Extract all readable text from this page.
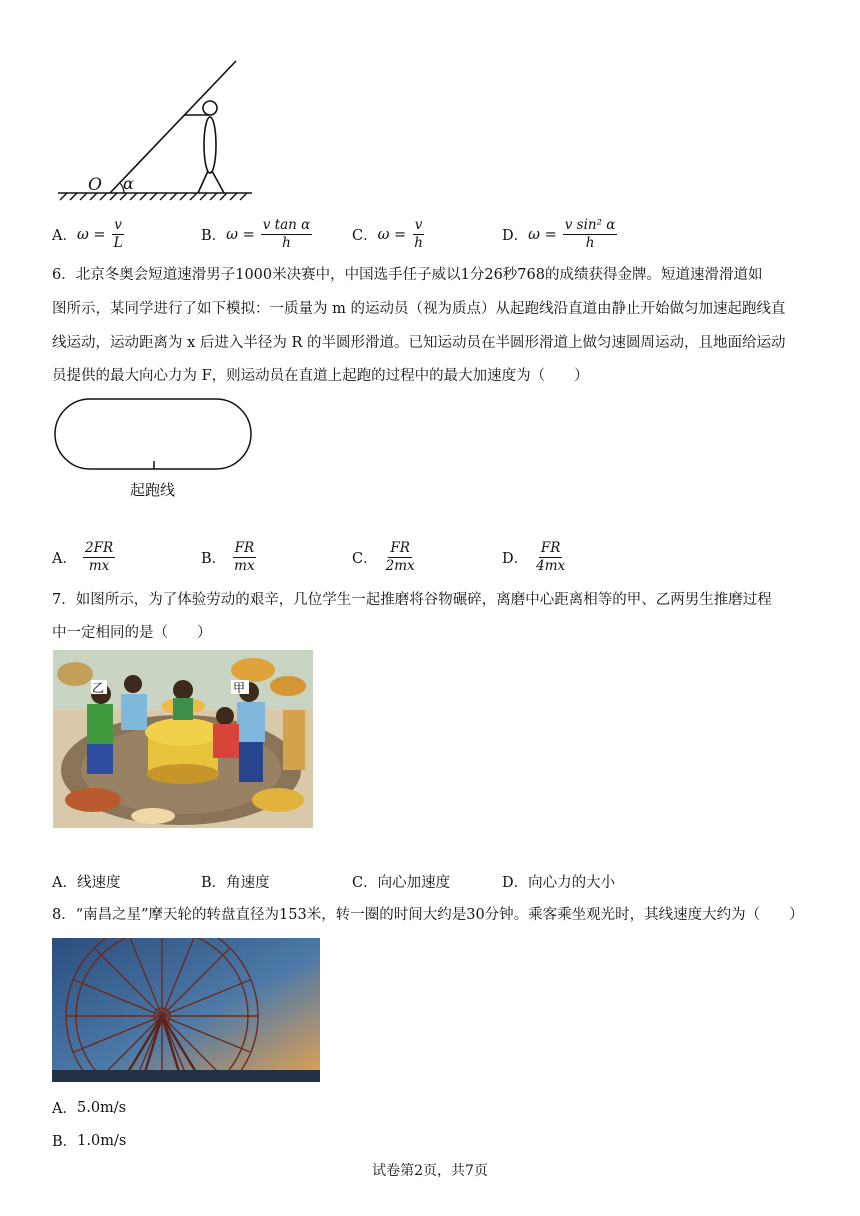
O α
A． $\omega = \frac{v}{L}$	B． $\omega = \frac{\text{v tan α}}{h}$	C． $\omega = \frac{v}{h}$	D． $\omega = \frac{\text{v sin² α}}{h}$
6．北京冬奥会短道速滑男子1000米决赛中，中国选手任子威以1分26秒768的成绩获得金牌。短道速滑滑道如
图所示，某同学进行了如下模拟：一质量为 m 的运动员（视为质点）从起跑线沿直道由静止开始做匀加速起跑线直
线运动，运动距离为 x 后进入半径为 R 的半圆形滑道。已知运动员在半圆形滑道上做匀速圆周运动，且地面给运动
员提供的最大向心力为 F，则运动员在直道上起跑的过程中的最大加速度为（　　）
起跑线
A． $\frac{2FR}{mx}$	B． $\frac{FR}{mx}$	C． $\frac{FR}{2mx}$	D． $\frac{FR}{4mx}$
7．如图所示，为了体验劳动的艰辛，几位学生一起推磨将谷物碾碎，离磨中心距离相等的甲、乙两男生推磨过程
中一定相同的是（　　）
乙	甲
A． 线速度	B． 角速度	C． 向心加速度	D． 向心力的大小
8．“南昌之星”摩天轮的转盘直径为153米，转一圈的时间大约是30分钟。乘客乘坐观光时，其线速度大约为（　　）
A． 5.0m/s
B． 1.0m/s
试卷第2页，共7页
